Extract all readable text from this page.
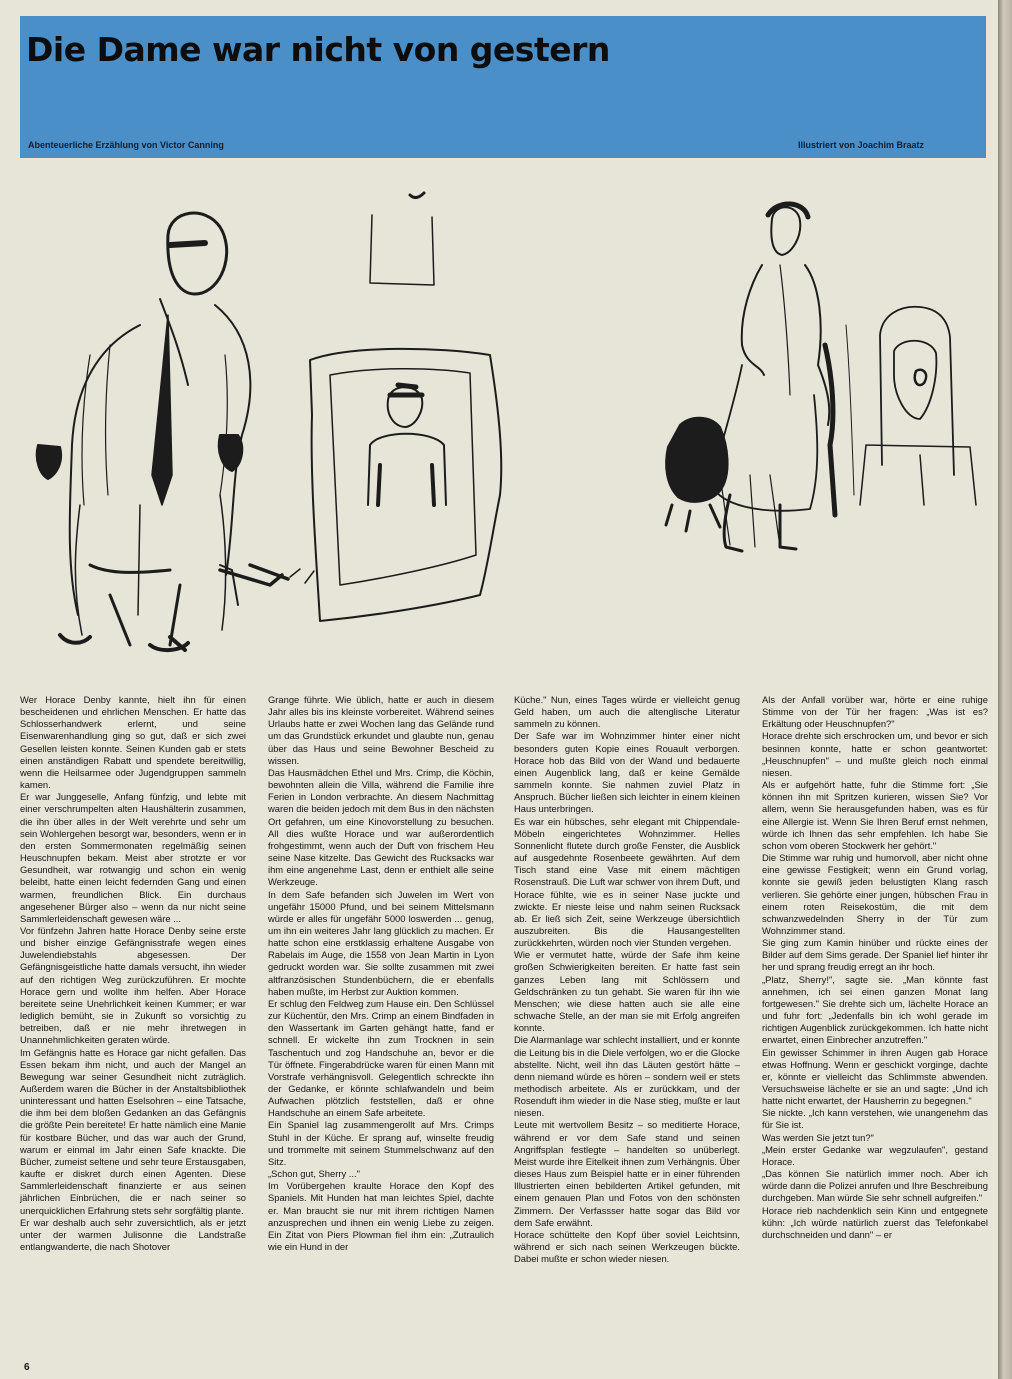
Die Dame war nicht von gestern
Abenteuerliche Erzählung von Victor Canning	Illustriert von Joachim Braatz

Wer Horace Denby kannte, hielt ihn für einen bescheidenen und ehrlichen Menschen. Er hatte das Schlosserhandwerk erlernt, und seine Eisenwarenhandlung ging so gut, daß er sich zwei Gesellen leisten konnte. Seinen Kunden gab er stets einen anständigen Rabatt und spendete bereitwillig, wenn die Heilsarmee oder Jugendgruppen sammeln kamen.

Er war Junggeselle, Anfang fünfzig, und lebte mit einer verschrumpelten alten Haushälterin zusammen, die ihn über alles in der Welt verehrte und sehr um sein Wohlergehen besorgt war, besonders, wenn er in den ersten Sommermonaten regelmäßig seinen Heuschnupfen bekam. Meist aber strotzte er vor Gesundheit, war rotwangig und schon ein wenig beleibt, hatte einen leicht federnden Gang und einen warmen, freundlichen Blick. Ein durchaus angesehener Bürger also – wenn da nur nicht seine Sammlerleidenschaft gewesen wäre ...

Vor fünfzehn Jahren hatte Horace Denby seine erste und bisher einzige Gefängnisstrafe wegen eines Juwelendiebstahls abgesessen. Der Gefängnisgeistliche hatte damals versucht, ihn wieder auf den richtigen Weg zurückzuführen. Er mochte Horace gern und wollte ihm helfen. Aber Horace bereitete seine Unehrlichkeit keinen Kummer; er war lediglich bemüht, sie in Zukunft so vorsichtig zu betreiben, daß er nie mehr ihretwegen in Unannehmlichkeiten geraten würde.

Im Gefängnis hatte es Horace gar nicht gefallen. Das Essen bekam ihm nicht, und auch der Mangel an Bewegung war seiner Gesundheit nicht zuträglich. Außerdem waren die Bücher in der Anstaltsbibliothek uninteressant und hatten Eselsohren – eine Tatsache, die ihm bei dem bloßen Gedanken an das Gefängnis die größte Pein bereitete! Er hatte nämlich eine Manie für kostbare Bücher, und das war auch der Grund, warum er einmal im Jahr einen Safe knackte. Die Bücher, zumeist seltene und sehr teure Erstausgaben, kaufte er diskret durch einen Agenten. Diese Sammlerleidenschaft finanzierte er aus seinen jährlichen Einbrüchen, die er nach seiner so unerquicklichen Erfahrung stets sehr sorgfältig plante.

Er war deshalb auch sehr zuversichtlich, als er jetzt unter der warmen Julisonne die Landstraße entlangwanderte, die nach Shotover

Grange führte. Wie üblich, hatte er auch in diesem Jahr alles bis ins kleinste vorbereitet. Während seines Urlaubs hatte er zwei Wochen lang das Gelände rund um das Grundstück erkundet und glaubte nun, genau über das Haus und seine Bewohner Bescheid zu wissen.

Das Hausmädchen Ethel und Mrs. Crimp, die Köchin, bewohnten allein die Villa, während die Familie ihre Ferien in London verbrachte. An diesem Nachmittag waren die beiden jedoch mit dem Bus in den nächsten Ort gefahren, um eine Kinovorstellung zu besuchen. All dies wußte Horace und war außerordentlich frohgestimmt, wenn auch der Duft von frischem Heu seine Nase kitzelte. Das Gewicht des Rucksacks war ihm eine angenehme Last, denn er enthielt alle seine Werkzeuge.

In dem Safe befanden sich Juwelen im Wert von ungefähr 15000 Pfund, und bei seinem Mittelsmann würde er alles für ungefähr 5000 loswerden ... genug, um ihn ein weiteres Jahr lang glücklich zu machen. Er hatte schon eine erstklassig erhaltene Ausgabe von Rabelais im Auge, die 1558 von Jean Martin in Lyon gedruckt worden war. Sie sollte zusammen mit zwei altfranzösischen Stundenbüchern, die er ebenfalls haben mußte, im Herbst zur Auktion kommen.

Er schlug den Feldweg zum Hause ein. Den Schlüssel zur Küchentür, den Mrs. Crimp an einem Bindfaden in den Wassertank im Garten gehängt hatte, fand er schnell. Er wickelte ihn zum Trocknen in sein Taschentuch und zog Handschuhe an, bevor er die Tür öffnete. Fingerabdrücke waren für einen Mann mit Vorstrafe verhängnisvoll. Gelegentlich schreckte ihn der Gedanke, er könnte schlafwandeln und beim Aufwachen plötzlich feststellen, daß er ohne Handschuhe an einem Safe arbeitete.

Ein Spaniel lag zusammengerollt auf Mrs. Crimps Stuhl in der Küche. Er sprang auf, winselte freudig und trommelte mit seinem Stummelschwanz auf den Sitz.

„Schon gut, Sherry ..."

Im Vorübergehen kraulte Horace den Kopf des Spaniels. Mit Hunden hat man leichtes Spiel, dachte er. Man braucht sie nur mit ihrem richtigen Namen anzusprechen und ihnen ein wenig Liebe zu zeigen. Ein Zitat von Piers Plowman fiel ihm ein: „Zutraulich wie ein Hund in der

Küche." Nun, eines Tages würde er vielleicht genug Geld haben, um auch die altenglische Literatur sammeln zu können.

Der Safe war im Wohnzimmer hinter einer nicht besonders guten Kopie eines Rouault verborgen. Horace hob das Bild von der Wand und bedauerte einen Augenblick lang, daß er keine Gemälde sammeln konnte. Sie nahmen zuviel Platz in Anspruch. Bücher ließen sich leichter in einem kleinen Haus unterbringen.

Es war ein hübsches, sehr elegant mit Chippendale-Möbeln eingerichtetes Wohnzimmer. Helles Sonnenlicht flutete durch große Fenster, die Ausblick auf ausgedehnte Rosenbeete gewährten. Auf dem Tisch stand eine Vase mit einem mächtigen Rosenstrauß. Die Luft war schwer von ihrem Duft, und Horace fühlte, wie es in seiner Nase juckte und zwickte. Er nieste leise und nahm seinen Rucksack ab. Er ließ sich Zeit, seine Werkzeuge übersichtlich auszubreiten. Bis die Hausangestellten zurückkehrten, würden noch vier Stunden vergehen.

Wie er vermutet hatte, würde der Safe ihm keine großen Schwierigkeiten bereiten. Er hatte fast sein ganzes Leben lang mit Schlössern und Geldschränken zu tun gehabt. Sie waren für ihn wie Menschen; wie diese hatten auch sie alle eine schwache Stelle, an der man sie mit Erfolg angreifen konnte.

Die Alarmanlage war schlecht installiert, und er konnte die Leitung bis in die Diele verfolgen, wo er die Glocke abstellte. Nicht, weil ihn das Läuten gestört hätte – denn niemand würde es hören – sondern weil er stets methodisch arbeitete. Als er zurückkam, und der Rosenduft ihm wieder in die Nase stieg, mußte er laut niesen.

Leute mit wertvollem Besitz – so meditierte Horace, während er vor dem Safe stand und seinen Angriffsplan festlegte – handelten so unüberlegt. Meist wurde ihre Eitelkeit ihnen zum Verhängnis. Über dieses Haus zum Beispiel hatte er in einer führenden Illustrierten einen bebilderten Artikel gefunden, mit einem genauen Plan und Fotos von den schönsten Zimmern. Der Verfassser hatte sogar das Bild vor dem Safe erwähnt.

Horace schüttelte den Kopf über soviel Leichtsinn, während er sich nach seinen Werkzeugen bückte. Dabei mußte er schon wieder niesen.

Als der Anfall vorüber war, hörte er eine ruhige Stimme von der Tür her fragen: „Was ist es? Erkältung oder Heuschnupfen?"

Horace drehte sich erschrocken um, und bevor er sich besinnen konnte, hatte er schon geantwortet: „Heuschnupfen" – und mußte gleich noch einmal niesen.

Als er aufgehört hatte, fuhr die Stimme fort: „Sie können ihn mit Spritzen kurieren, wissen Sie? Vor allem, wenn Sie herausgefunden haben, was es für eine Allergie ist. Wenn Sie Ihren Beruf ernst nehmen, würde ich Ihnen das sehr empfehlen. Ich habe Sie schon vom oberen Stockwerk her gehört."

Die Stimme war ruhig und humorvoll, aber nicht ohne eine gewisse Festigkeit; wenn ein Grund vorlag, konnte sie gewiß jeden belustigten Klang rasch verlieren. Sie gehörte einer jungen, hübschen Frau in einem roten Reisekostüm, die mit dem schwanzwedelnden Sherry in der Tür zum Wohnzimmer stand.

Sie ging zum Kamin hinüber und rückte eines der Bilder auf dem Sims gerade. Der Spaniel lief hinter ihr her und sprang freudig erregt an ihr hoch.

„Platz, Sherry!", sagte sie. „Man könnte fast annehmen, ich sei einen ganzen Monat lang fortgewesen." Sie drehte sich um, lächelte Horace an und fuhr fort: „Jedenfalls bin ich wohl gerade im richtigen Augenblick zurückgekommen. Ich hatte nicht erwartet, einen Einbrecher anzutreffen."

Ein gewisser Schimmer in ihren Augen gab Horace etwas Hoffnung. Wenn er geschickt vorginge, dachte er, könnte er vielleicht das Schlimmste abwenden. Versuchsweise lächelte er sie an und sagte: „Und ich hatte nicht erwartet, der Hausherrin zu begegnen."

Sie nickte. „Ich kann verstehen, wie unangenehm das für Sie ist.

Was werden Sie jetzt tun?"

„Mein erster Gedanke war wegzulaufen", gestand Horace.

„Das können Sie natürlich immer noch. Aber ich würde dann die Polizei anrufen und Ihre Beschreibung durchgeben. Man würde Sie sehr schnell aufgreifen."

Horace rieb nachdenklich sein Kinn und entgegnete kühn: „Ich würde natürlich zuerst das Telefonkabel durchschneiden und dann" – er

6
